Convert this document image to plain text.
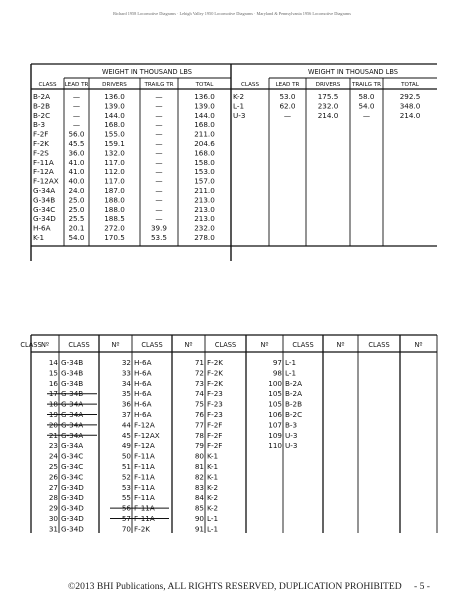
Richard 1958 Locomotive Diagrams · Lehigh Valley 1950 Locomotive Diagrams · Maryland & Pennsylvania 1956 Locomotive Diagrams
WEIGHT IN THOUSAND LBS	WEIGHT IN THOUSAND LBS
CLASS LEAD TR DRIVERS	TRAILG TR	TOTAL	CLASS	LEAD TR	DRIVERS TRAILG TR	TOTAL
B-2A	—	136.0	—	136.0
B-2B	—	139.0	—	139.0
B-2C	—	144.0	—	144.0
B-3	—	168.0	—	168.0
F-2F	56.0	155.0	—	211.0
F-2K	45.5	159.1	—	204.6
F-2S	36.0	132.0	—	168.0
F-11A 41.0	117.0	—	158.0
F-12A 41.0	112.0	—	153.0
F-12AX 40.0	117.0	—	157.0
G-34A 24.0	187.0	—	211.0
G-34B 25.0	188.0	—	213.0
G-34C 25.0	188.0	—	213.0
G-34D 25.5	188.5	—	213.0
H-6A 20.1	272.0	39.9	232.0
K-1	54.0	170.5	53.5	278.0
K-2	53.0	175.5	58.0	292.5
L-1	62.0	232.0	54.0	348.0
U-3	—	214.0	—	214.0
Nº	CLASS	Nº	CLASS	Nº	CLASS	Nº	CLASS	Nº	CLASS	Nº
CLASS
14 G-34B	32 H-6A	71 F-2K	97 L-1
15 G-34B	33 H-6A	72 F-2K	98 L-1
16 G-34B	34 H-6A	73 F-2K	100 B-2A
17 G-34B	35 H-6A	74 F-23	105 B-2A
18 G-34A	36 H-6A	75 F-23	105 B-2B
19 G-34A	37 H-6A	76 F-23	106 B-2C
20 G-34A	44 F-12A	77 F-2F	107 B-3
21 G-34A	45 F-12AX	78 F-2F	109 U-3
23 G-34A	49 F-12A	79 F-2F	110 U-3
24 G-34C	50 F-11A	80 K-1
25 G-34C	51 F-11A	81 K-1
26 G-34C	52 F-11A	82 K-1
27 G-34D	53 F-11A	83 K-2
28 G-34D	55 F-11A	84 K-2
29 G-34D	56 F-11A	85 K-2
30 G-34D	57 F-11A	90 L-1
31 G-34D	70 F-2K	91 L-1
©2013 BHI Publications, ALL RIGHTS RESERVED, DUPLICATION PROHIBITED - 5 -
